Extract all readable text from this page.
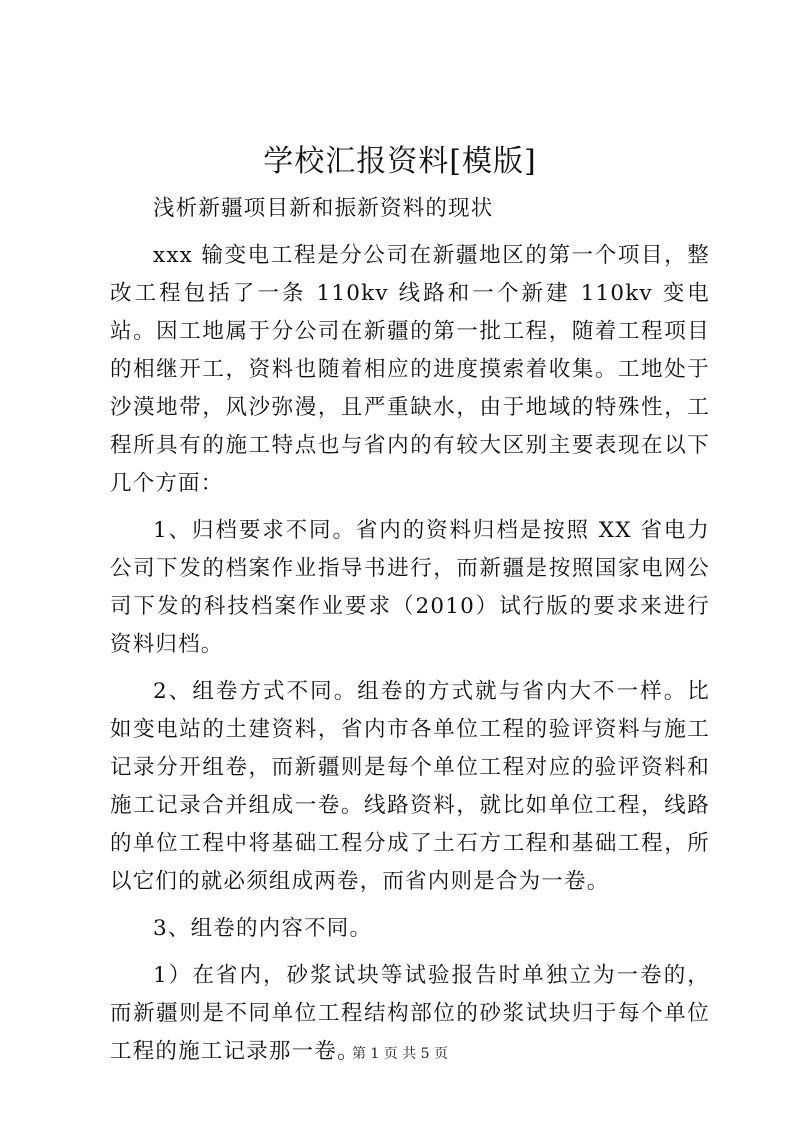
学校汇报资料[模版]

浅析新疆项目新和振新资料的现状

xxx 输变电工程是分公司在新疆地区的第一个项目，整改工程包括了一条 110kv 线路和一个新建 110kv 变电站。因工地属于分公司在新疆的第一批工程，随着工程项目的相继开工，资料也随着相应的进度摸索着收集。工地处于沙漠地带，风沙弥漫，且严重缺水，由于地域的特殊性，工程所具有的施工特点也与省内的有较大区别主要表现在以下几个方面：

1、归档要求不同。省内的资料归档是按照 XX 省电力公司下发的档案作业指导书进行，而新疆是按照国家电网公司下发的科技档案作业要求（2010）试行版的要求来进行资料归档。

2、组卷方式不同。组卷的方式就与省内大不一样。比如变电站的土建资料，省内市各单位工程的验评资料与施工记录分开组卷，而新疆则是每个单位工程对应的验评资料和施工记录合并组成一卷。线路资料，就比如单位工程，线路的单位工程中将基础工程分成了土石方工程和基础工程，所以它们的就必须组成两卷，而省内则是合为一卷。

3、组卷的内容不同。

1）在省内，砂浆试块等试验报告时单独立为一卷的，而新疆则是不同单位工程结构部位的砂浆试块归于每个单位工程的施工记录那一卷。

第 1 页 共 5 页
